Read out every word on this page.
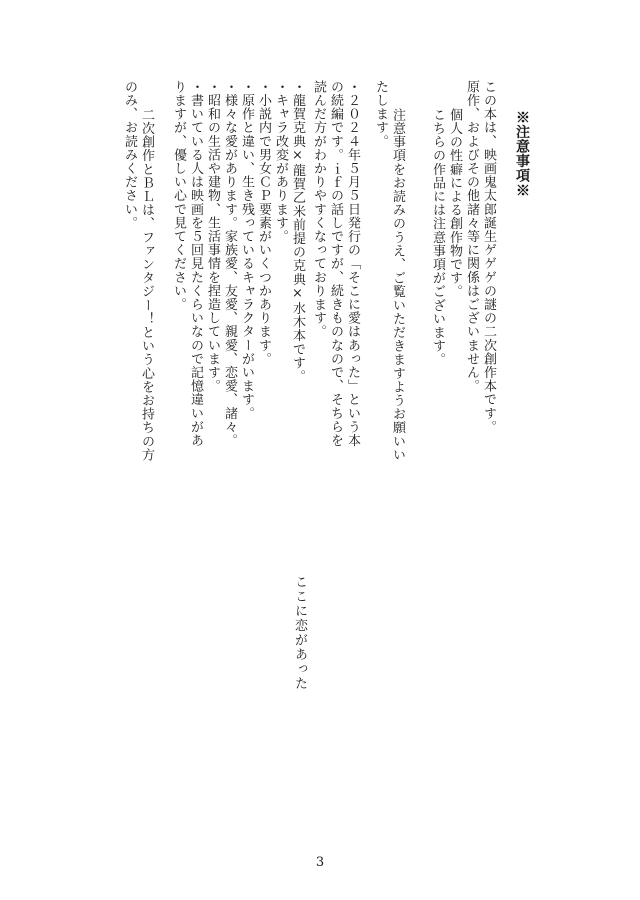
※注意事項※
この本は、映画鬼太郎誕生ゲゲゲの謎の二次創作本です。
原作、およびその他諸々等に関係はございません。
個人の性癖による創作物です。
こちらの作品には注意事項がございます。
注意事項をお読みのうえ、ご覧いただきますようお願いい
たします。
・２０２４年５月５日発行の「そこに愛はあった」という本
の続編です。ｉｆの話しですが、続きものなので、そちらを
読んだ方がわかりやすくなっております。
・龍賀克典×龍賀乙米前提の克典×水木本です。
・キャラ改変があります。
・小説内で男女ＣＰ要素がいくつかあります。
・原作と違い、生き残っているキャラクターがいます。
・様々な愛があります。家族愛、友愛、親愛、恋愛、諸々。
・昭和の生活や建物、生活事情を捏造しています。
・書いている人は映画を５回見たくらいなので記憶違いがあ
りますが、優しい心で見てください。
二次創作とＢＬは、ファンタジー！という心をお持ちの方
のみ、お読みください。
ここに恋があった
3
